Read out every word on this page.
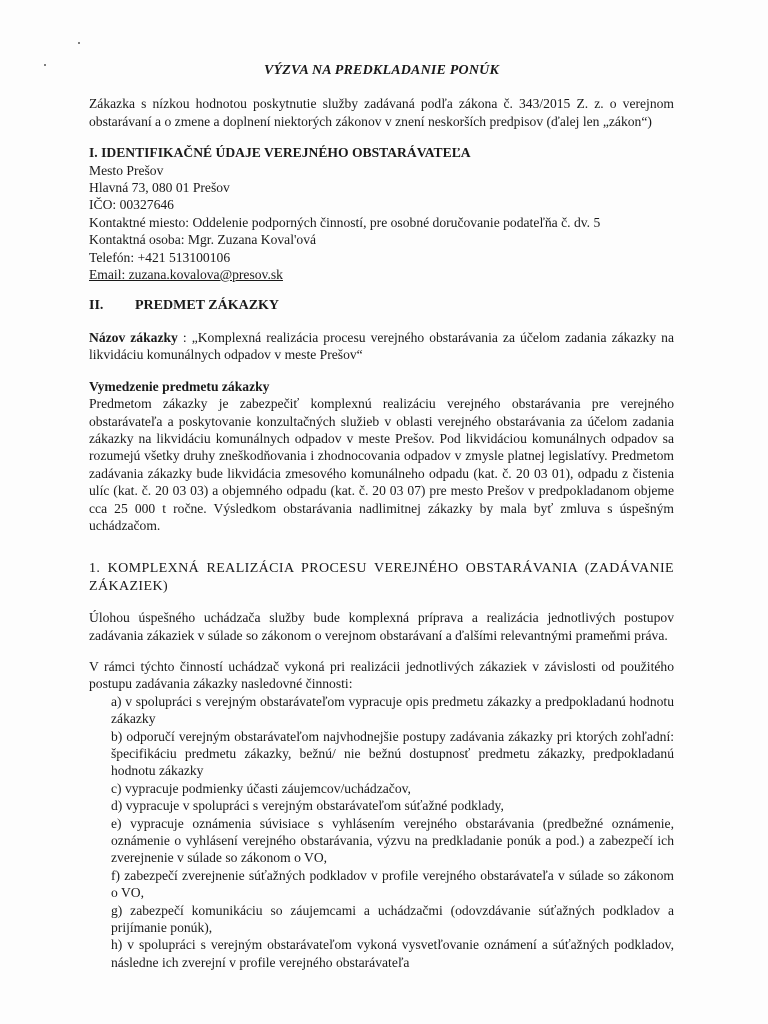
VÝZVA NA PREDKLADANIE PONÚK

Zákazka s nízkou hodnotou poskytnutie služby zadávaná podľa zákona č. 343/2015 Z. z. o verejnom obstarávaní a o zmene a doplnení niektorých zákonov v znení neskorších predpisov (ďalej len „zákon“)

I. IDENTIFIKAČNÉ ÚDAJE VEREJNÉHO OBSTARÁVATEĽA

Mesto Prešov

Hlavná 73, 080 01 Prešov

IČO: 00327646

Kontaktné miesto: Oddelenie podporných činností, pre osobné doručovanie podateľňa č. dv. 5

Kontaktná osoba: Mgr. Zuzana Koval'ová

Telefón: +421 513100106

Email: zuzana.kovalova@presov.sk

II. PREDMET ZÁKAZKY

Názov zákazky : „Komplexná realizácia procesu verejného obstarávania za účelom zadania zákazky na likvidáciu komunálnych odpadov v meste Prešov“

Vymedzenie predmetu zákazky

Predmetom zákazky je zabezpečiť komplexnú realizáciu verejného obstarávania pre verejného obstarávateľa a poskytovanie konzultačných služieb v oblasti verejného obstarávania za účelom zadania zákazky na likvidáciu komunálnych odpadov v meste Prešov. Pod likvidáciou komunálnych odpadov sa rozumejú všetky druhy zneškodňovania i zhodnocovania odpadov v zmysle platnej legislatívy. Predmetom zadávania zákazky bude likvidácia zmesového komunálneho odpadu (kat. č. 20 03 01), odpadu z čistenia ulíc (kat. č. 20 03 03) a objemného odpadu (kat. č. 20 03 07) pre mesto Prešov v predpokladanom objeme cca 25 000 t ročne. Výsledkom obstarávania nadlimitnej zákazky by mala byť zmluva s úspešným uchádzačom.

1. KOMPLEXNÁ REALIZÁCIA PROCESU VEREJNÉHO OBSTARÁVANIA (ZADÁVANIE ZÁKAZIEK)

Úlohou úspešného uchádzača služby bude komplexná príprava a realizácia jednotlivých postupov zadávania zákaziek v súlade so zákonom o verejnom obstarávaní a ďalšími relevantnými prameňmi práva.

V rámci týchto činností uchádzač vykoná pri realizácii jednotlivých zákaziek v závislosti od použitého postupu zadávania zákazky nasledovné činnosti:

a) v spolupráci s verejným obstarávateľom vypracuje opis predmetu zákazky a predpokladanú hodnotu zákazky

b) odporučí verejným obstarávateľom najvhodnejšie postupy zadávania zákazky pri ktorých zohľadní: špecifikáciu predmetu zákazky, bežnú/ nie bežnú dostupnosť predmetu zákazky, predpokladanú hodnotu zákazky

c) vypracuje podmienky účasti záujemcov/uchádzačov,

d) vypracuje v spolupráci s verejným obstarávateľom súťažné podklady,

e) vypracuje oznámenia súvisiace s vyhlásením verejného obstarávania (predbežné oznámenie, oznámenie o vyhlásení verejného obstarávania, výzvu na predkladanie ponúk a pod.) a zabezpečí ich zverejnenie v súlade so zákonom o VO,

f) zabezpečí zverejnenie súťažných podkladov v profile verejného obstarávateľa v súlade so zákonom o VO,

g) zabezpečí komunikáciu so záujemcami a uchádzačmi (odovzdávanie súťažných podkladov a prijímanie ponúk),

h) v spolupráci s verejným obstarávateľom vykoná vysvetľovanie oznámení a súťažných podkladov, následne ich zverejní v profile verejného obstarávateľa
